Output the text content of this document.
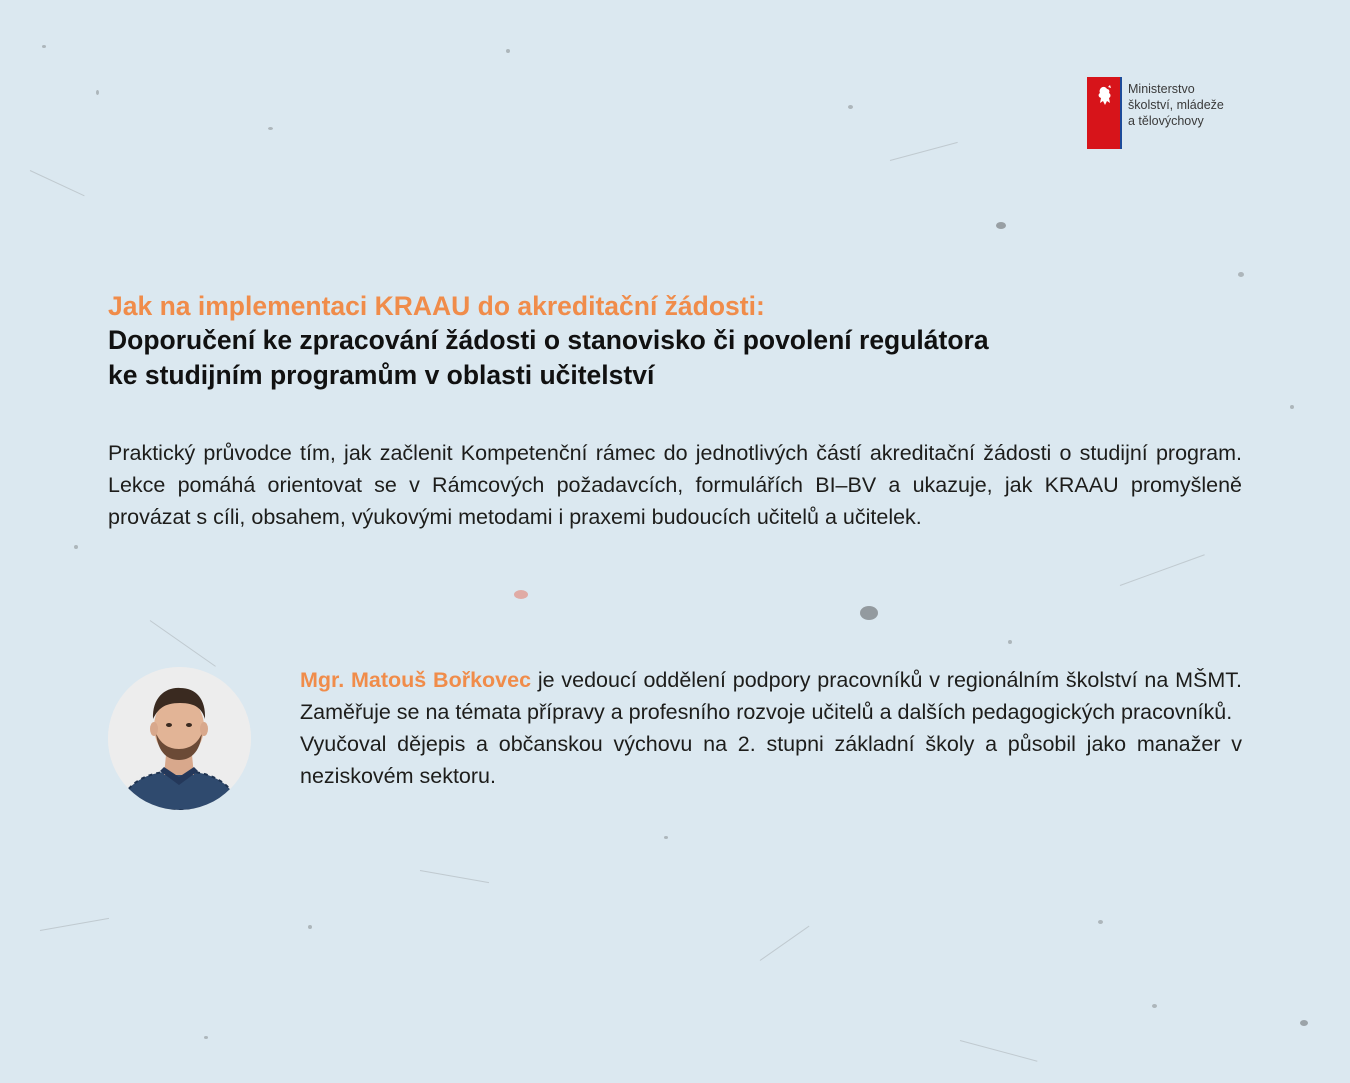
Ministerstvo
školství, mládeže
a tělovýchovy

Jak na implementaci KRAAU do akreditační žádosti:

Doporučení ke zpracování žádosti o stanovisko či povolení regulátora

ke studijním programům v oblasti učitelství

Praktický průvodce tím, jak začlenit Kompetenční rámec do jednotlivých částí akreditační žádosti o studijní program. Lekce pomáhá orientovat se v Rámcových požadavcích, formulářích BI–BV a ukazuje, jak KRAAU promyšleně provázat s cíli, obsahem, výukovými metodami i praxemi budoucích učitelů a učitelek.

Mgr. Matouš Bořkovec je vedoucí oddělení podpory pracovníků v regionálním školství na MŠMT. Zaměřuje se na témata přípravy a profesního rozvoje učitelů a dalších pedagogických pracovníků.

Vyučoval dějepis a občanskou výchovu na 2. stupni základní školy a působil jako manažer v neziskovém sektoru.
